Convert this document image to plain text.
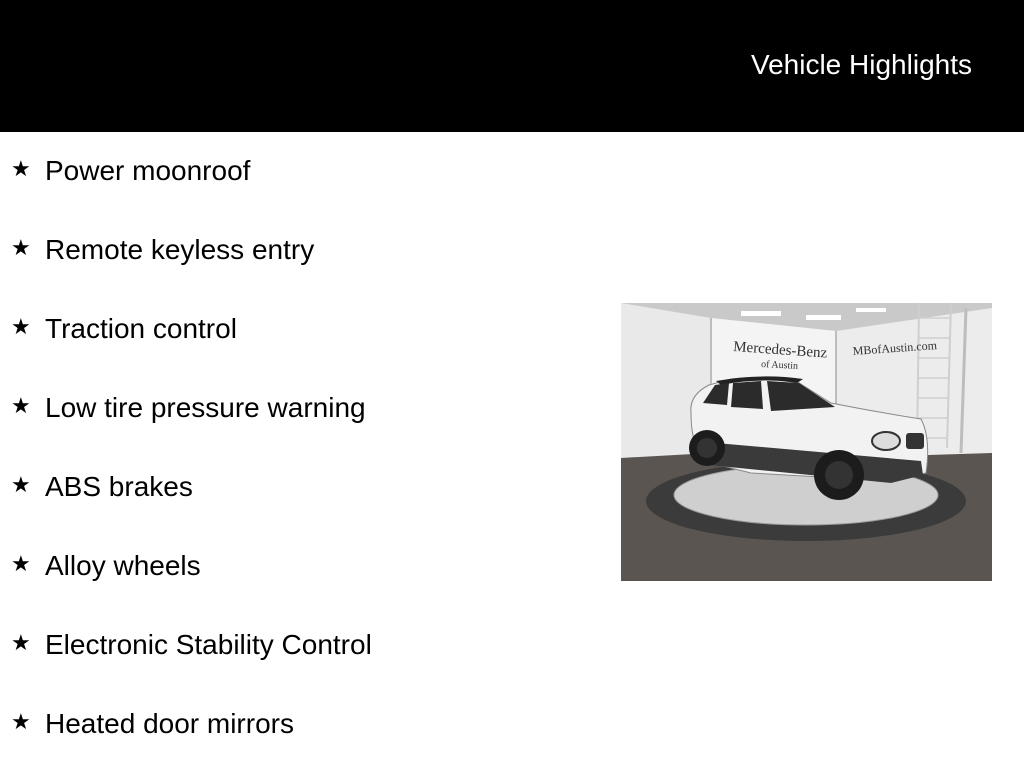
Vehicle Highlights
★ Power moonroof
★ Remote keyless entry
★ Traction control
★ Low tire pressure warning
★ ABS brakes
★ Alloy wheels
★ Electronic Stability Control
★ Heated door mirrors
Mercedes-Benz
of Austin
MBofAustin.com
